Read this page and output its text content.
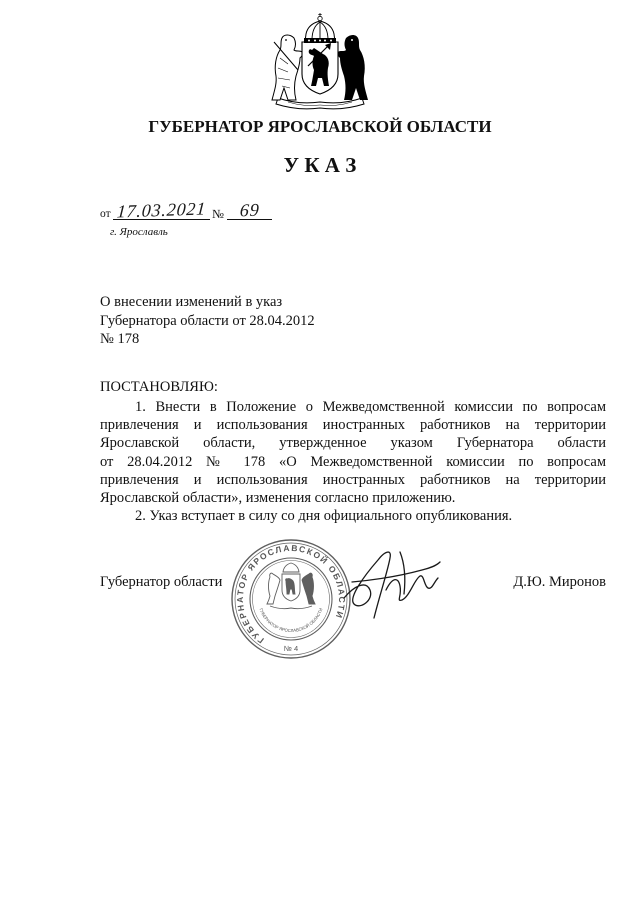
ГУБЕРНАТОР ЯРОСЛАВСКОЙ ОБЛАСТИ
У К А З
от 17.03.2021 № 69
г. Ярославль
О внесении изменений в указ
Губернатора области от 28.04.2012
№ 178
ПОСТАНОВЛЯЮ:
1. Внести в Положение о Межведомственной комиссии по вопросам
привлечения и использования иностранных работников на территории
Ярославской области, утвержденное указом Губернатора области
от 28.04.2012 № 178 «О Межведомственной комиссии по вопросам
привлечения и использования иностранных работников на территории
Ярославской области», изменения согласно приложению.
2. Указ вступает в силу со дня официального опубликования.
Губернатор области	Д.Ю. Миронов
ГУБЕРНАТОР ЯРОСЛАВСКОЙ ОБЛАСТИ
ГУБЕРНАТОР ЯРОСЛАВСКОЙ ОБЛАСТИ
№ 4
